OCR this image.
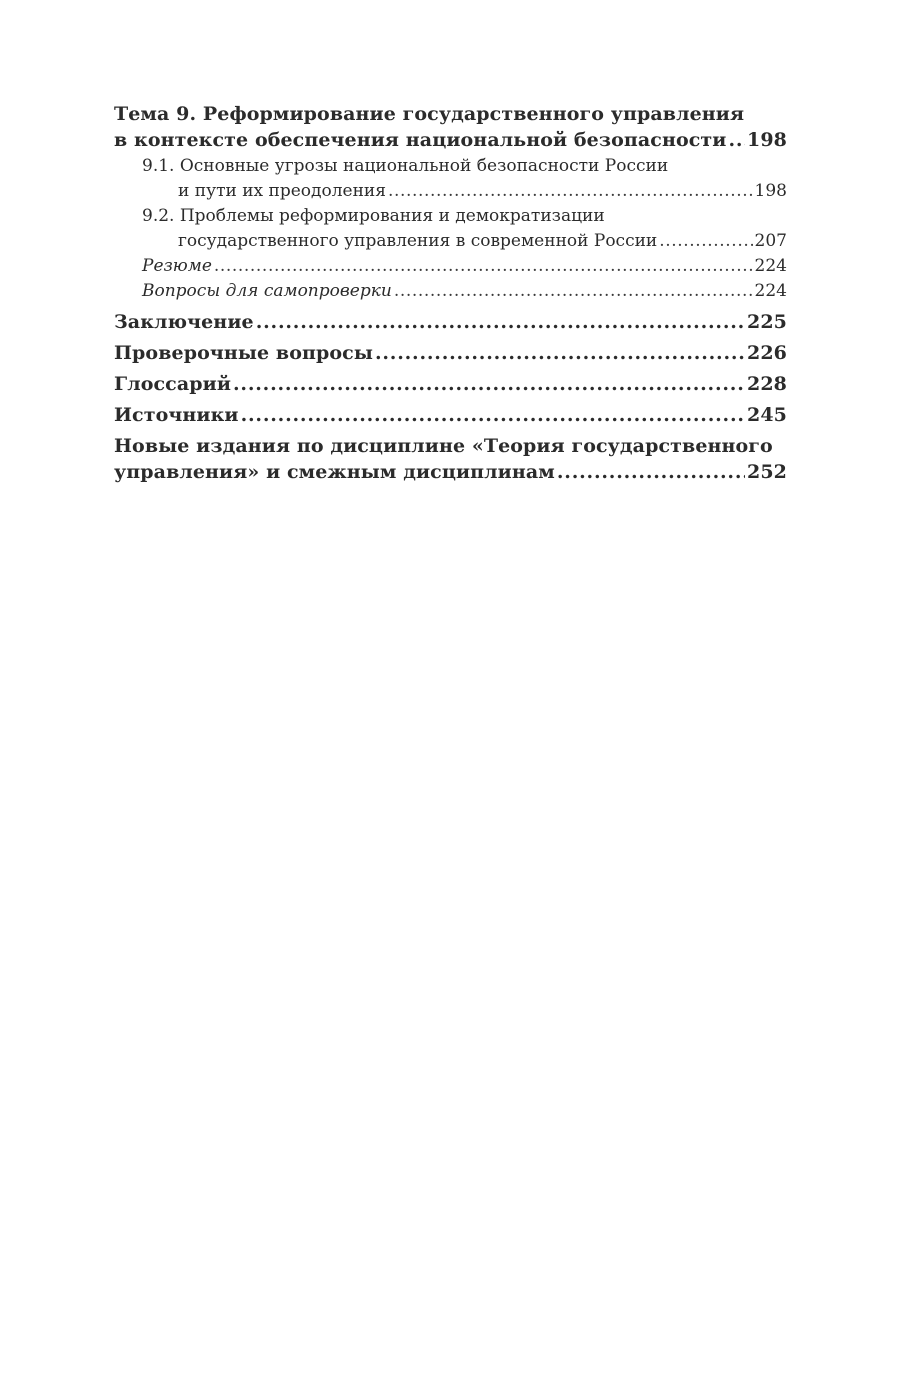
Тема 9. Реформирование государственного управления
в контексте обеспечения национальной безопасности ..... 198
9.1. Основные угрозы национальной безопасности России
и пути их преодоления .....	198
9.2. Проблемы реформирования и демократизации
государственного управления в современной России .....	207
Резюме .....	224
Вопросы для самопроверки .....	224
Заключение .....	225
Проверочные вопросы .....	226
Глоссарий .....	228
Источники .....	245
Новые издания по дисциплине «Теория государственного
управления» и смежным дисциплинам .....	252
